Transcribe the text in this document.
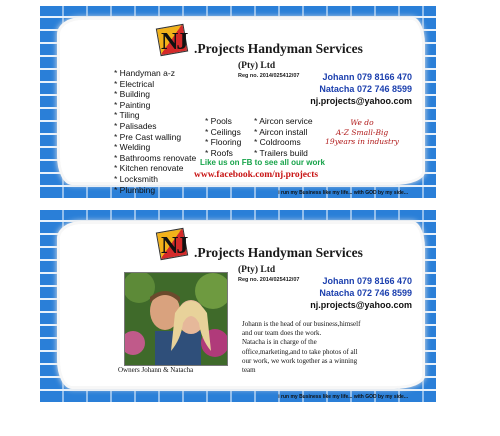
NJ .Projects Handyman Services
(Pty) Ltd
Reg no. 2014/025412/07	Johann 079 8166 470
Natacha 072 746 8599
nj.projects@yahoo.com
* Handyman a-z
* Electrical
* Building
* Painting
* Tiling
* Palisades
* Pre Cast walling
* Welding
* Bathrooms renovate
* Kitchen renovate
* Locksmith
* Plumbing
* Pools
* Ceilings
* Flooring
* Roofs
* Aircon service
* Aircon install
* Coldrooms
* Trailers build
We do
A-Z Small-Big
19years in industry
Like us on FB to see all our work
www.facebook.com/nj.projects
i run my Business like my life... with GOD by my side...
NJ .Projects Handyman Services
(Pty) Ltd
Reg no. 2014/025412/07	Johann 079 8166 470
Natacha 072 746 8599
nj.projects@yahoo.com
Owners Johann & Natacha

Johann is the head of our business,himself

and our team does the work.

Natacha is in charge of the

office,marketing,and to take photos of all

our work, we work together as a winning

team

i run my Business like my life... with GOD by my side...
